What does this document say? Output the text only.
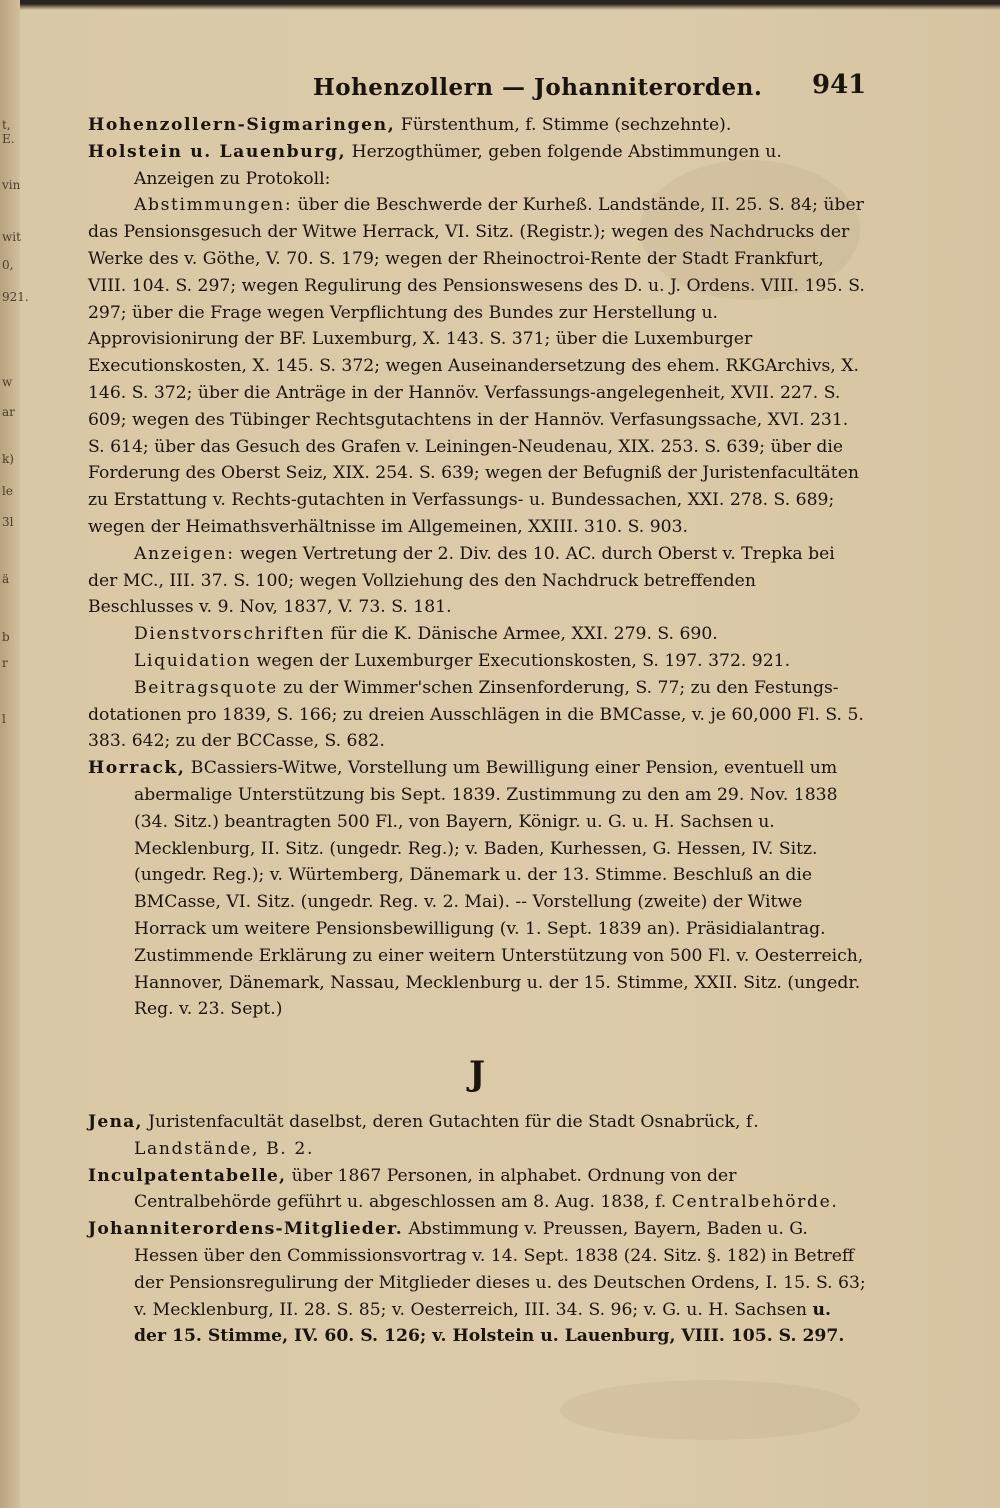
t, E.
vin
wit
0,
921.
w
ar
k)
le
3l
ä
b
r
l
Hohenzollern — Johanniterorden. 941

Hohenzollern-Sigmaringen, Fürstenthum, f. Stimme (sechzehnte).

Holstein u. Lauenburg, Herzogthümer, geben folgende Abstimmungen u. Anzeigen zu Protokoll:

Abstimmungen: über die Beschwerde der Kurheß. Landstände, II. 25. S. 84; über das Pensionsgesuch der Witwe Herrack, VI. Sitz. (Registr.); wegen des Nachdrucks der Werke des v. Göthe, V. 70. S. 179; wegen der Rheinoctroi-Rente der Stadt Frankfurt, VIII. 104. S. 297; wegen Regulirung des Pensionswesens des D. u. J. Ordens. VIII. 195. S. 297; über die Frage wegen Verpflichtung des Bundes zur Herstellung u. Approvisionirung der BF. Luxemburg, X. 143. S. 371; über die Luxemburger Executionskosten, X. 145. S. 372; wegen Auseinandersetzung des ehem. RKGArchivs, X. 146. S. 372; über die Anträge in der Hannöv. Verfassungs-angelegenheit, XVII. 227. S. 609; wegen des Tübinger Rechtsgutachtens in der Hannöv. Verfasungssache, XVI. 231. S. 614; über das Gesuch des Grafen v. Leiningen-Neudenau, XIX. 253. S. 639; über die Forderung des Oberst Seiz, XIX. 254. S. 639; wegen der Befugniß der Juristenfacultäten zu Erstattung v. Rechts-gutachten in Verfassungs- u. Bundessachen, XXI. 278. S. 689; wegen der Heimathsverhältnisse im Allgemeinen, XXIII. 310. S. 903.

Anzeigen: wegen Vertretung der 2. Div. des 10. AC. durch Oberst v. Trepka bei der MC., III. 37. S. 100; wegen Vollziehung des den Nachdruck betreffenden Beschlusses v. 9. Nov, 1837, V. 73. S. 181.

Dienstvorschriften für die K. Dänische Armee, XXI. 279. S. 690.

Liquidation wegen der Luxemburger Executionskosten, S. 197. 372. 921.

Beitragsquote zu der Wimmer'schen Zinsenforderung, S. 77; zu den Festungs-dotationen pro 1839, S. 166; zu dreien Ausschlägen in die BMCasse, v. je 60,000 Fl. S. 5. 383. 642; zu der BCCasse, S. 682.

Horrack, BCassiers-Witwe, Vorstellung um Bewilligung einer Pension, eventuell um abermalige Unterstützung bis Sept. 1839. Zustimmung zu den am 29. Nov. 1838 (34. Sitz.) beantragten 500 Fl., von Bayern, Königr. u. G. u. H. Sachsen u. Mecklenburg, II. Sitz. (ungedr. Reg.); v. Baden, Kurhessen, G. Hessen, IV. Sitz. (ungedr. Reg.); v. Würtemberg, Dänemark u. der 13. Stimme. Beschluß an die BMCasse, VI. Sitz. (ungedr. Reg. v. 2. Mai). -- Vorstellung (zweite) der Witwe Horrack um weitere Pensionsbewilligung (v. 1. Sept. 1839 an). Präsidialantrag. Zustimmende Erklärung zu einer weitern Unterstützung von 500 Fl. v. Oesterreich, Hannover, Dänemark, Nassau, Mecklenburg u. der 15. Stimme, XXII. Sitz. (ungedr. Reg. v. 23. Sept.)

J

Jena, Juristenfacultät daselbst, deren Gutachten für die Stadt Osnabrück, f. Landstände, B. 2.

Inculpatentabelle, über 1867 Personen, in alphabet. Ordnung von der Centralbehörde geführt u. abgeschlossen am 8. Aug. 1838, f. Centralbehörde.

Johanniterordens-Mitglieder. Abstimmung v. Preussen, Bayern, Baden u. G. Hessen über den Commissionsvortrag v. 14. Sept. 1838 (24. Sitz. §. 182) in Betreff der Pensionsregulirung der Mitglieder dieses u. des Deutschen Ordens, I. 15. S. 63; v. Mecklenburg, II. 28. S. 85; v. Oesterreich, III. 34. S. 96; v. G. u. H. Sachsen u. der 15. Stimme, IV. 60. S. 126; v. Holstein u. Lauenburg, VIII. 105. S. 297.
